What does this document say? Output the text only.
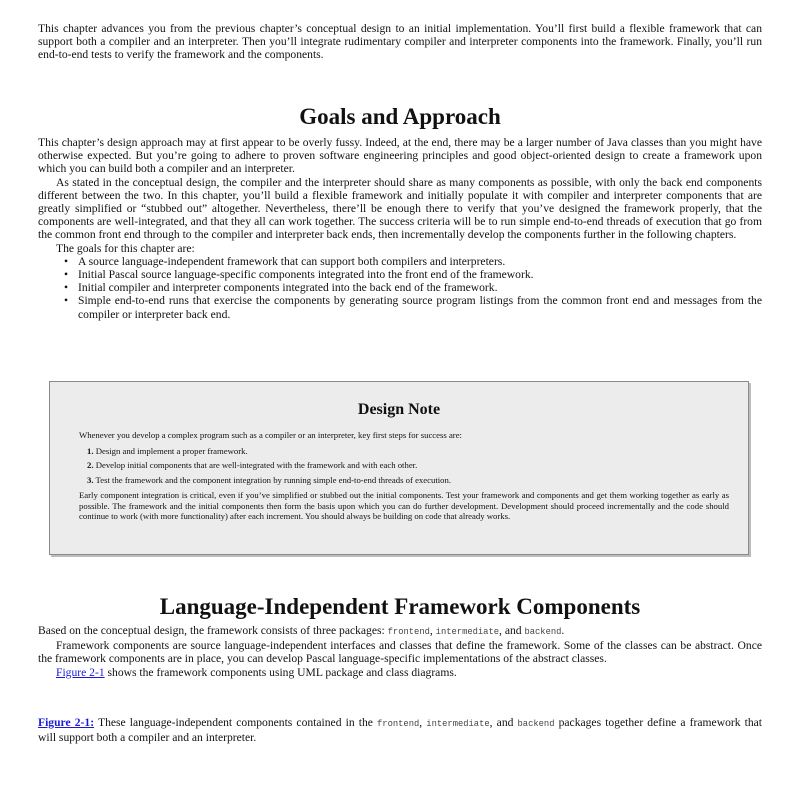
This chapter advances you from the previous chapter’s conceptual design to an initial implementation. You’ll first build a flexible framework that can support both a compiler and an interpreter. Then you’ll integrate rudimentary compiler and interpreter components into the framework. Finally, you’ll run end-to-end tests to verify the framework and the components.

Goals and Approach

This chapter’s design approach may at first appear to be overly fussy. Indeed, at the end, there may be a larger number of Java classes than you might have otherwise expected. But you’re going to adhere to proven software engineering principles and good object-oriented design to create a framework upon which you can build both a compiler and an interpreter.

As stated in the conceptual design, the compiler and the interpreter should share as many components as possible, with only the back end components different between the two. In this chapter, you’ll build a flexible framework and initially populate it with compiler and interpreter components that are greatly simplified or “stubbed out” altogether. Nevertheless, there’ll be enough there to verify that you’ve designed the framework properly, that the components are well-integrated, and that they all can work together. The success criteria will be to run simple end-to-end threads of execution that go from the common front end through to the compiler and interpreter back ends, then incrementally develop the components further in the following chapters.

The goals for this chapter are:

• A source language-independent framework that can support both compilers and interpreters.
• Initial Pascal source language-specific components integrated into the front end of the framework.
• Initial compiler and interpreter components integrated into the back end of the framework.
• Simple end-to-end runs that exercise the components by generating source program listings from the common front end and messages from the compiler or interpreter back end.
Design Note

Whenever you develop a complex program such as a compiler or an interpreter, key first steps for success are:

1. Design and implement a proper framework.
2. Develop initial components that are well-integrated with the framework and with each other.
3. Test the framework and the component integration by running simple end-to-end threads of execution.

Early component integration is critical, even if you’ve simplified or stubbed out the initial components. Test your framework and components and get them working together as early as possible. The framework and the initial components then form the basis upon which you can do further development. Development should proceed incrementally and the code should continue to work (with more functionality) after each increment. You should always be building on code that already works.

Language-Independent Framework Components

Based on the conceptual design, the framework consists of three packages: frontend, intermediate, and backend.

Framework components are source language-independent interfaces and classes that define the framework. Some of the classes can be abstract. Once the framework components are in place, you can develop Pascal language-specific implementations of the abstract classes.

Figure 2-1 shows the framework components using UML package and class diagrams.

Figure 2-1: These language-independent components contained in the frontend, intermediate, and backend packages together define a framework that will support both a compiler and an interpreter.
